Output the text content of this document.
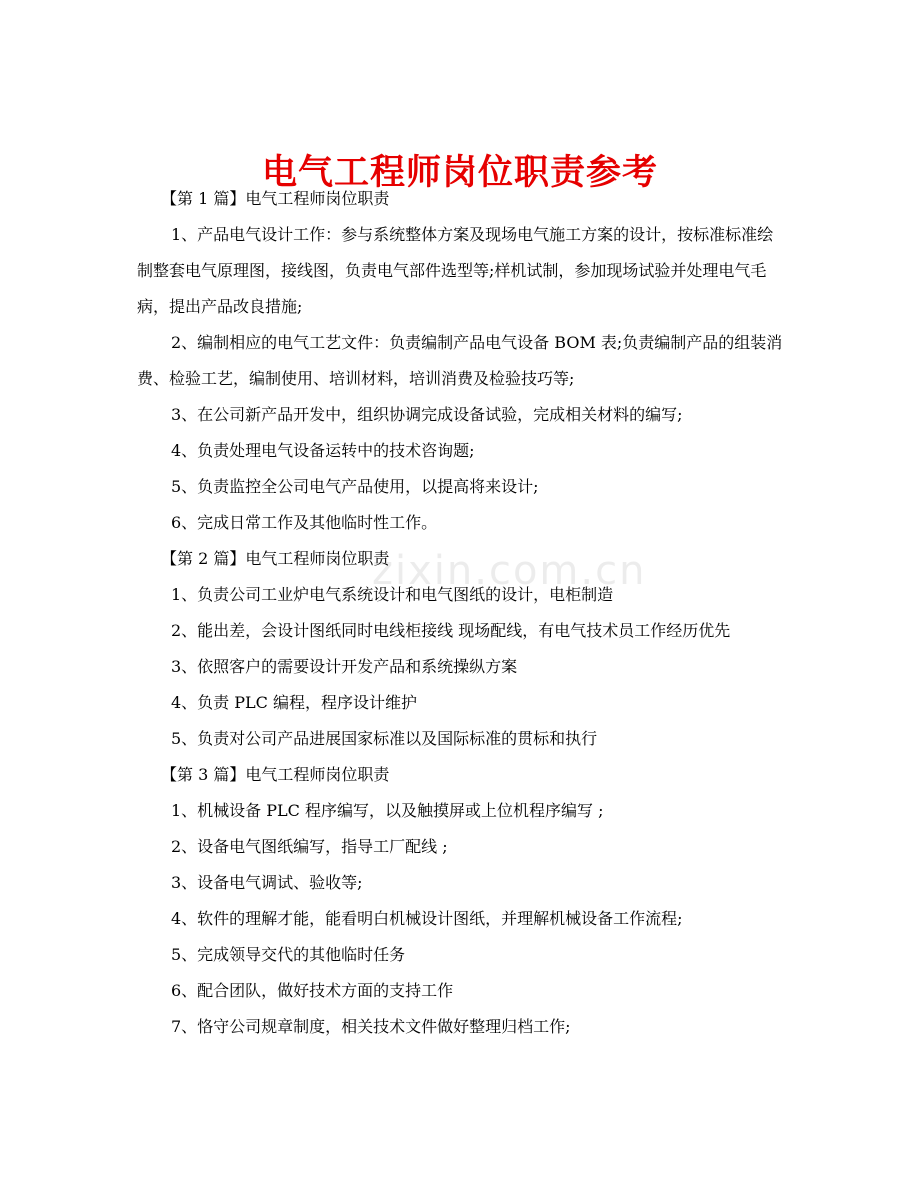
zixin.com.cn
电气工程师岗位职责参考

【第 1 篇】电气工程师岗位职责

1、产品电气设计工作：参与系统整体方案及现场电气施工方案的设计，按标准标准绘制整套电气原理图，接线图，负责电气部件选型等;样机试制，参加现场试验并处理电气毛病，提出产品改良措施;

2、编制相应的电气工艺文件：负责编制产品电气设备 BOM 表;负责编制产品的组装消费、检验工艺，编制使用、培训材料，培训消费及检验技巧等;

3、在公司新产品开发中，组织协调完成设备试验，完成相关材料的编写;

4、负责处理电气设备运转中的技术咨询题;

5、负责监控全公司电气产品使用，以提高将来设计;

6、完成日常工作及其他临时性工作。

【第 2 篇】电气工程师岗位职责

1、负责公司工业炉电气系统设计和电气图纸的设计，电柜制造

2、能出差，会设计图纸同时电线柜接线 现场配线，有电气技术员工作经历优先

3、依照客户的需要设计开发产品和系统操纵方案

4、负责 PLC 编程，程序设计维护

5、负责对公司产品进展国家标准以及国际标准的贯标和执行

【第 3 篇】电气工程师岗位职责

1、机械设备 PLC 程序编写，以及触摸屏或上位机程序编写 ;

2、设备电气图纸编写，指导工厂配线 ;

3、设备电气调试、验收等;

4、软件的理解才能，能看明白机械设计图纸，并理解机械设备工作流程;

5、完成领导交代的其他临时任务

6、配合团队，做好技术方面的支持工作

7、恪守公司规章制度，相关技术文件做好整理归档工作;
